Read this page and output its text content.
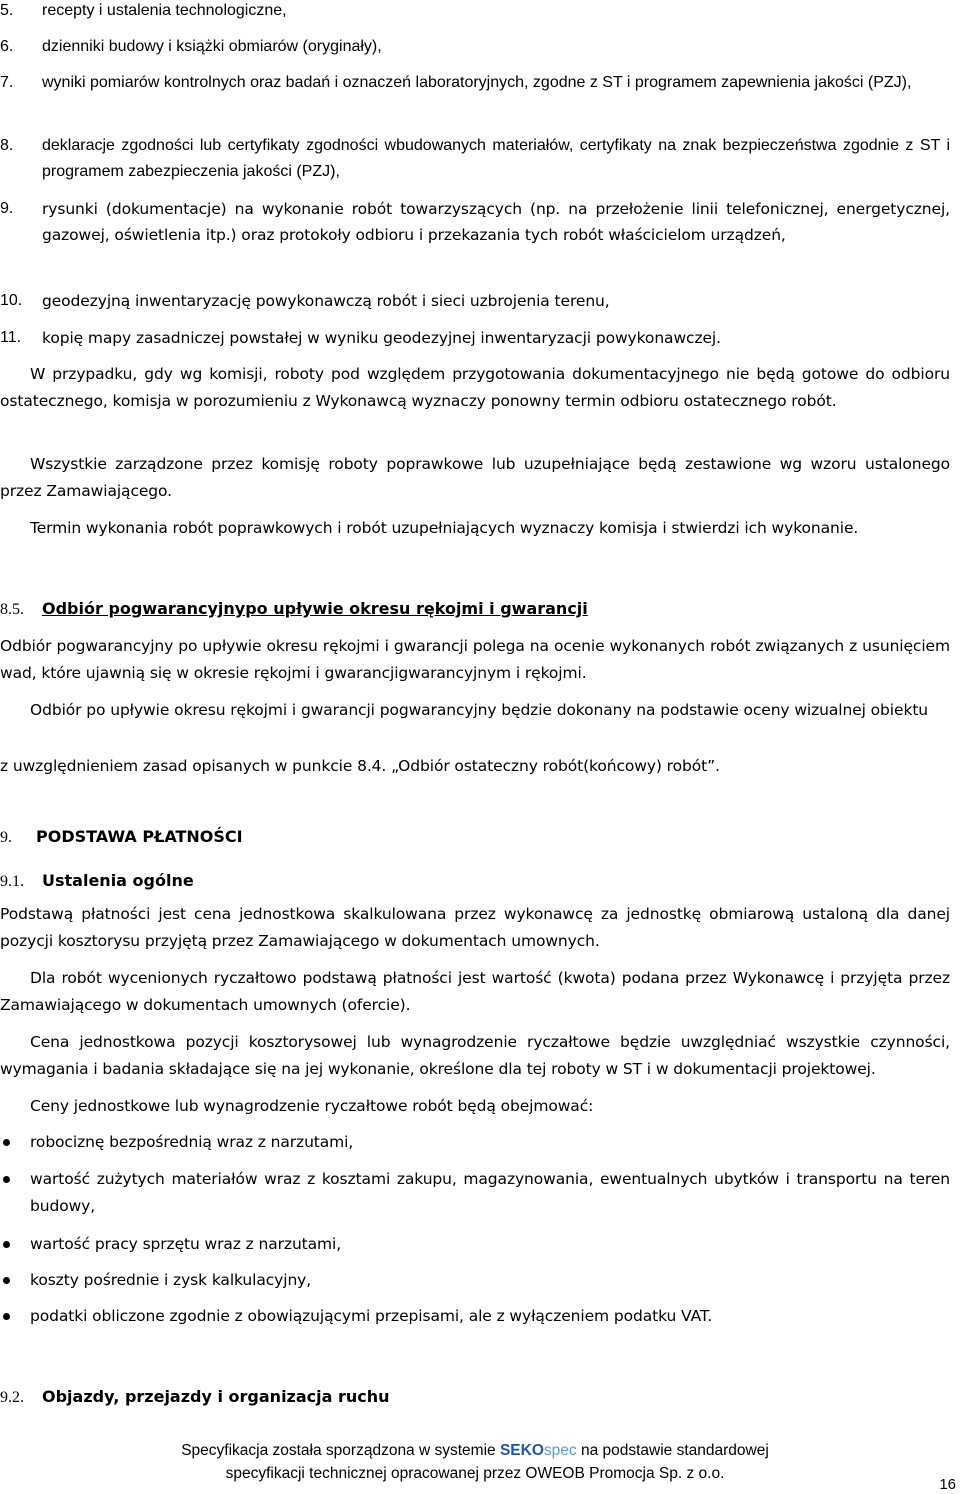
5.	recepty i ustalenia technologiczne,
6.	dzienniki budowy i książki obmiarów (oryginały),
7.	wyniki pomiarów kontrolnych oraz badań i oznaczeń laboratoryjnych, zgodne z ST i programem zapewnienia jakości (PZJ),
8.	deklaracje zgodności lub certyfikaty zgodności wbudowanych materiałów, certyfikaty na znak bezpieczeństwa zgodnie z ST i programem zabezpieczenia jakości (PZJ),
9.	rysunki (dokumentacje) na wykonanie robót towarzyszących (np. na przełożenie linii telefonicznej, energetycznej, gazowej, oświetlenia itp.) oraz protokoły odbioru i przekazania tych robót właścicielom urządzeń,
10.	geodezyjną inwentaryzację powykonawczą robót i sieci uzbrojenia terenu,
11.	kopię mapy zasadniczej powstałej w wyniku geodezyjnej inwentaryzacji powykonawczej.

W przypadku, gdy wg komisji, roboty pod względem przygotowania dokumentacyjnego nie będą gotowe do odbioru ostatecznego, komisja w porozumieniu z Wykonawcą wyznaczy ponowny termin odbioru ostatecznego robót.

Wszystkie zarządzone przez komisję roboty poprawkowe lub uzupełniające będą zestawione wg wzoru ustalonego przez Zamawiającego.

Termin wykonania robót poprawkowych i robót uzupełniających wyznaczy komisja i stwierdzi ich wykonanie.

8.5.	Odbiór pogwarancyjnypo upływie okresu rękojmi i gwarancji

Odbiór pogwarancyjny po upływie okresu rękojmi i gwarancji polega na ocenie wykonanych robót związanych z usunięciem wad, które ujawnią się w okresie rękojmi i gwarancjigwarancyjnym i rękojmi.

Odbiór po upływie okresu rękojmi i gwarancji pogwarancyjny będzie dokonany na podstawie oceny wizualnej obiektu

z uwzględnieniem zasad opisanych w punkcie 8.4. „Odbiór ostateczny robót(końcowy) robót”.

9.	PODSTAWA PŁATNOŚCI
9.1.	Ustalenia ogólne

Podstawą płatności jest cena jednostkowa skalkulowana przez wykonawcę za jednostkę obmiarową ustaloną dla danej pozycji kosztorysu przyjętą przez Zamawiającego w dokumentach umownych.

Dla robót wycenionych ryczałtowo podstawą płatności jest wartość (kwota) podana przez Wykonawcę i przyjęta przez Zamawiającego w dokumentach umownych (ofercie).

Cena jednostkowa pozycji kosztorysowej lub wynagrodzenie ryczałtowe będzie uwzględniać wszystkie czynności, wymagania i badania składające się na jej wykonanie, określone dla tej roboty w ST i w dokumentacji projektowej.

Ceny jednostkowe lub wynagrodzenie ryczałtowe robót będą obejmować:

robociznę bezpośrednią wraz z narzutami,
wartość zużytych materiałów wraz z kosztami zakupu, magazynowania, ewentualnych ubytków i transportu na teren budowy,
wartość pracy sprzętu wraz z narzutami,
koszty pośrednie i zysk kalkulacyjny,
podatki obliczone zgodnie z obowiązującymi przepisami, ale z wyłączeniem podatku VAT.
9.2.	Objazdy, przejazdy i organizacja ruchu
Specyfikacja została sporządzona w systemie SEKOspec na podstawie standardowej
specyfikacji technicznej opracowanej przez OWEOB Promocja Sp. z o.o.
16
